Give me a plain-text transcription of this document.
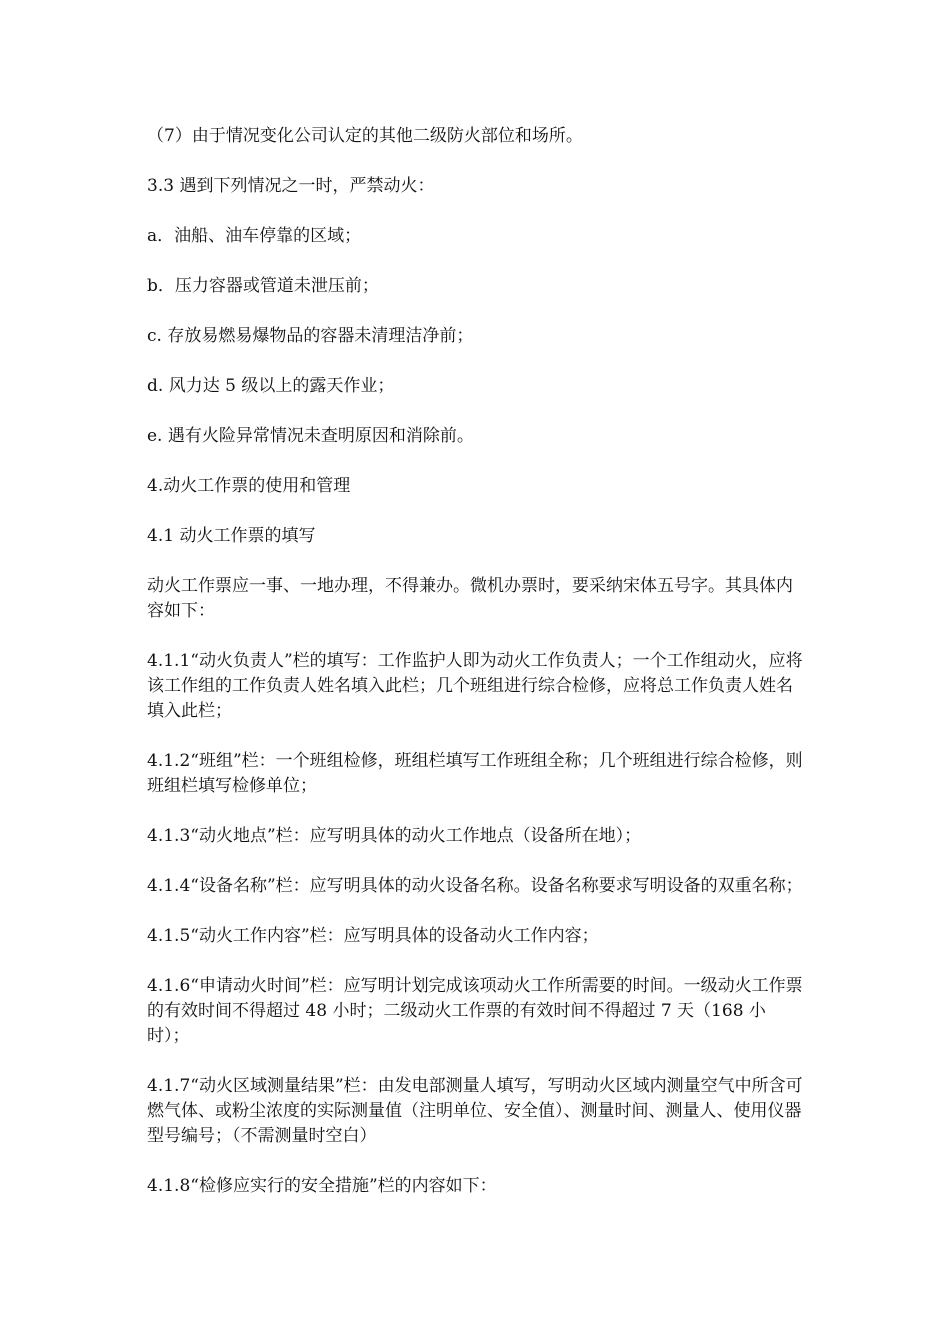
（7）由于情况变化公司认定的其他二级防火部位和场所。

3.3 遇到下列情况之一时，严禁动火：

a．油船、油车停靠的区域；

b．压力容器或管道未泄压前；

c. 存放易燃易爆物品的容器未清理洁净前；

d. 风力达 5 级以上的露天作业；

e. 遇有火险异常情况未查明原因和消除前。

4.动火工作票的使用和管理

4.1 动火工作票的填写

动火工作票应一事、一地办理，不得兼办。微机办票时，要采纳宋体五号字。其具体内容如下：

4.1.1“动火负责人”栏的填写：工作监护人即为动火工作负责人；一个工作组动火，应将该工作组的工作负责人姓名填入此栏；几个班组进行综合检修，应将总工作负责人姓名填入此栏；

4.1.2“班组”栏：一个班组检修，班组栏填写工作班组全称；几个班组进行综合检修，则班组栏填写检修单位；

4.1.3“动火地点”栏：应写明具体的动火工作地点（设备所在地）；

4.1.4“设备名称”栏：应写明具体的动火设备名称。设备名称要求写明设备的双重名称；

4.1.5“动火工作内容”栏：应写明具体的设备动火工作内容；

4.1.6“申请动火时间”栏：应写明计划完成该项动火工作所需要的时间。一级动火工作票的有效时间不得超过 48 小时；二级动火工作票的有效时间不得超过 7 天（168 小时）；

4.1.7“动火区域测量结果”栏：由发电部测量人填写，写明动火区域内测量空气中所含可燃气体、或粉尘浓度的实际测量值（注明单位、安全值）、测量时间、测量人、使用仪器型号编号；（不需测量时空白）

4.1.8“检修应实行的安全措施”栏的内容如下：
